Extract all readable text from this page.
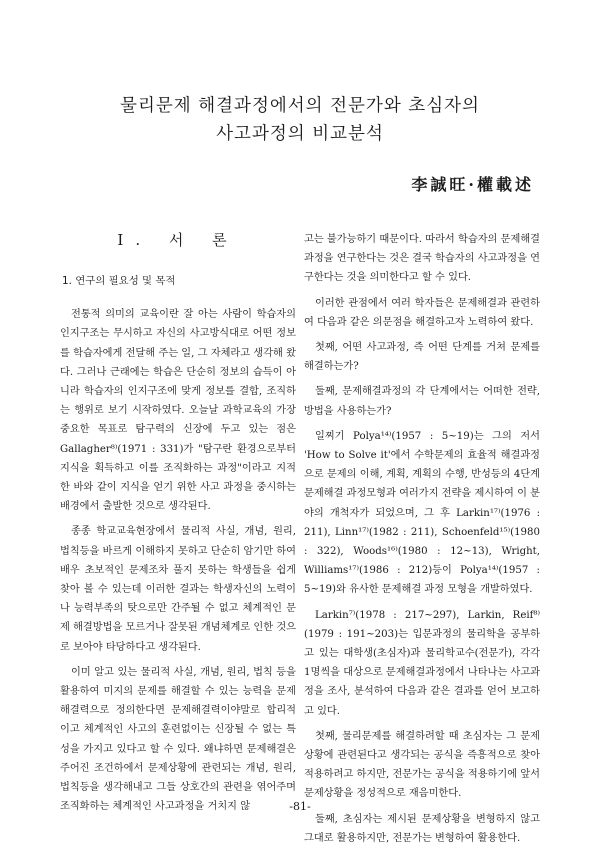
물리문제 해결과정에서의 전문가와 초심자의
사고과정의 비교분석
李誠旺·權載述
I. 서 론
1. 연구의 필요성 및 목적

전통적 의미의 교육이란 잘 아는 사람이 학습자의 인지구조는 무시하고 자신의 사고방식대로 어떤 정보를 학습자에게 전달해 주는 일, 그 자체라고 생각해 왔다. 그러나 근래에는 학습은 단순히 정보의 습득이 아니라 학습자의 인지구조에 맞게 정보를 결합, 조직하는 행위로 보기 시작하였다. 오늘날 과학교육의 가장 중요한 목표로 탐구력의 신장에 두고 있는 점은 Gallagher⁸⁾(1971 : 331)가 "탐구란 환경으로부터 지식을 획득하고 이를 조직화하는 과정"이라고 지적한 바와 같이 지식을 얻기 위한 사고 과정을 중시하는 배경에서 출발한 것으로 생각된다.

종종 학교교육현장에서 물리적 사실, 개념, 원리, 법칙등을 바르게 이해하지 못하고 단순히 암기만 하여 배우 초보적인 문제조차 풀지 못하는 학생들을 쉽게 찾아 볼 수 있는데 이러한 결과는 학생자신의 노력이나 능력부족의 탓으로만 간주될 수 없고 체계적인 문제 해결방법을 모르거나 잘못된 개념체계로 인한 것으로 보아야 타당하다고 생각된다.

이미 알고 있는 물리적 사실, 개념, 원리, 법칙 등을 활용하여 미지의 문제를 해결할 수 있는 능력을 문제해결력으로 정의한다면 문제해결력이야말로 합리적이고 체계적인 사고의 훈련없이는 신장될 수 없는 특성을 가지고 있다고 할 수 있다. 왜냐하면 문제해결은 주어진 조건하에서 문제상황에 관련되는 개념, 원리, 법칙등을 생각해내고 그들 상호간의 관련을 엮어주며 조직화하는 체계적인 사고과정을 거치지 않

고는 불가능하기 때문이다. 따라서 학습자의 문제해결과정을 연구한다는 것은 결국 학습자의 사고과정을 연구한다는 것을 의미한다고 할 수 있다.

이러한 관점에서 여러 학자들은 문제해결과 관련하여 다음과 같은 의문점을 해결하고자 노력하여 왔다.

첫째, 어떤 사고과정, 즉 어떤 단계를 거쳐 문제를 해결하는가?

둘째, 문제해결과정의 각 단계에서는 어떠한 전략, 방법을 사용하는가?

일찌기 Polya¹⁴⁾(1957 : 5~19)는 그의 저서 'How to Solve it'에서 수학문제의 효율적 해결과정으로 문제의 이해, 계획, 계획의 수행, 반성등의 4단계 문제해결 과정모형과 여러가지 전략을 제시하여 이 분야의 개척자가 되었으며, 그 후 Larkin¹⁷⁾(1976 : 211), Linn¹⁷⁾(1982 : 211), Schoenfeld¹⁵⁾(1980 : 322), Woods¹⁶⁾(1980 : 12~13), Wright, Williams¹⁷⁾(1986 : 212)등이 Polya¹⁴⁾(1957 : 5~19)와 유사한 문제해결 과정 모형을 개발하였다.

Larkin⁷⁾(1978 : 217~297), Larkin, Reif⁸⁾(1979 : 191~203)는 입문과정의 물리학을 공부하고 있는 대학생(초심자)과 물리학교수(전문가), 각각 1명씩을 대상으로 문제해결과정에서 나타나는 사고과정을 조사, 분석하여 다음과 같은 결과를 얻어 보고하고 있다.

첫째, 물리문제를 해결하려할 때 초심자는 그 문제상황에 관련된다고 생각되는 공식을 즉흥적으로 찾아 적용하려고 하지만, 전문가는 공식을 적용하기에 앞서 문제상황을 정성적으로 재음미한다.

둘째, 초심자는 제시된 문제상황을 변형하지 않고 그대로 활용하지만, 전문가는 변형하여 활용한다.

-81-
